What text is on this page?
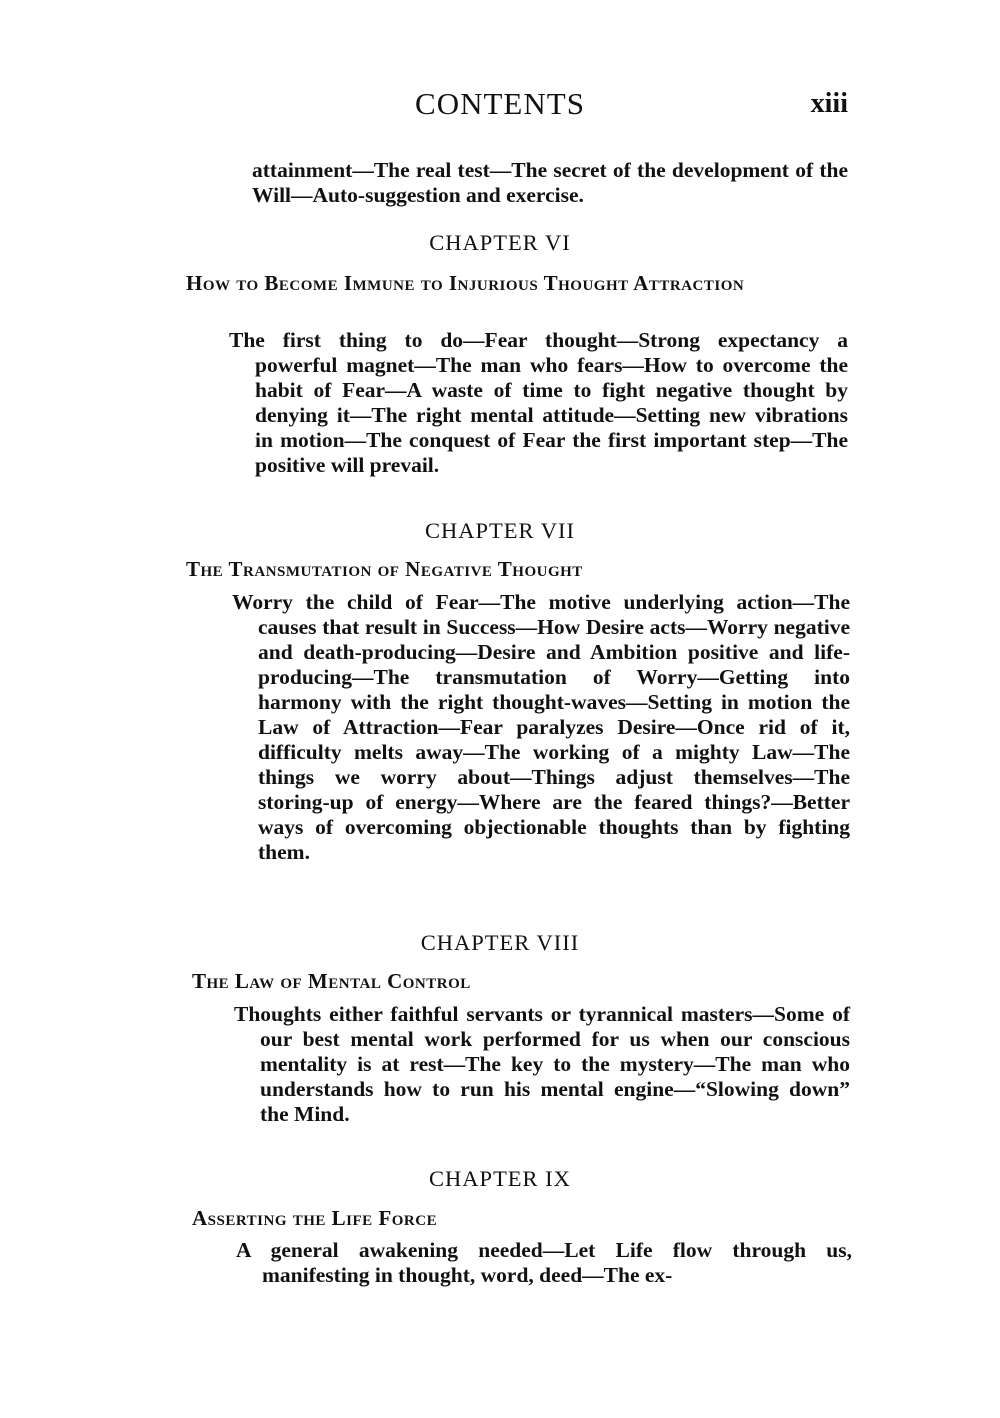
CONTENTS	xiii
attainment—The real test—The secret of the development of the Will—Auto-suggestion and exercise.
CHAPTER VI
How to Become Immune to Injurious Thought Attraction
The first thing to do—Fear thought—Strong expectancy a powerful magnet—The man who fears—How to overcome the habit of Fear—A waste of time to fight negative thought by denying it—The right mental attitude—Setting new vibrations in motion—The conquest of Fear the first important step—The positive will prevail.
CHAPTER VII
The Transmutation of Negative Thought
Worry the child of Fear—The motive underlying action—The causes that result in Success—How Desire acts—Worry negative and death-producing—Desire and Ambition positive and life-producing—The transmutation of Worry—Getting into harmony with the right thought-waves—Setting in motion the Law of Attraction—Fear paralyzes Desire—Once rid of it, difficulty melts away—The working of a mighty Law—The things we worry about—Things adjust themselves—The storing-up of energy—Where are the feared things?—Better ways of overcoming objectionable thoughts than by fighting them.
CHAPTER VIII
The Law of Mental Control
Thoughts either faithful servants or tyrannical masters—Some of our best mental work performed for us when our conscious mentality is at rest—The key to the mystery—The man who understands how to run his mental engine—“Slowing down” the Mind.
CHAPTER IX
Asserting the Life Force
A general awakening needed—Let Life flow through us, manifesting in thought, word, deed—The ex-
